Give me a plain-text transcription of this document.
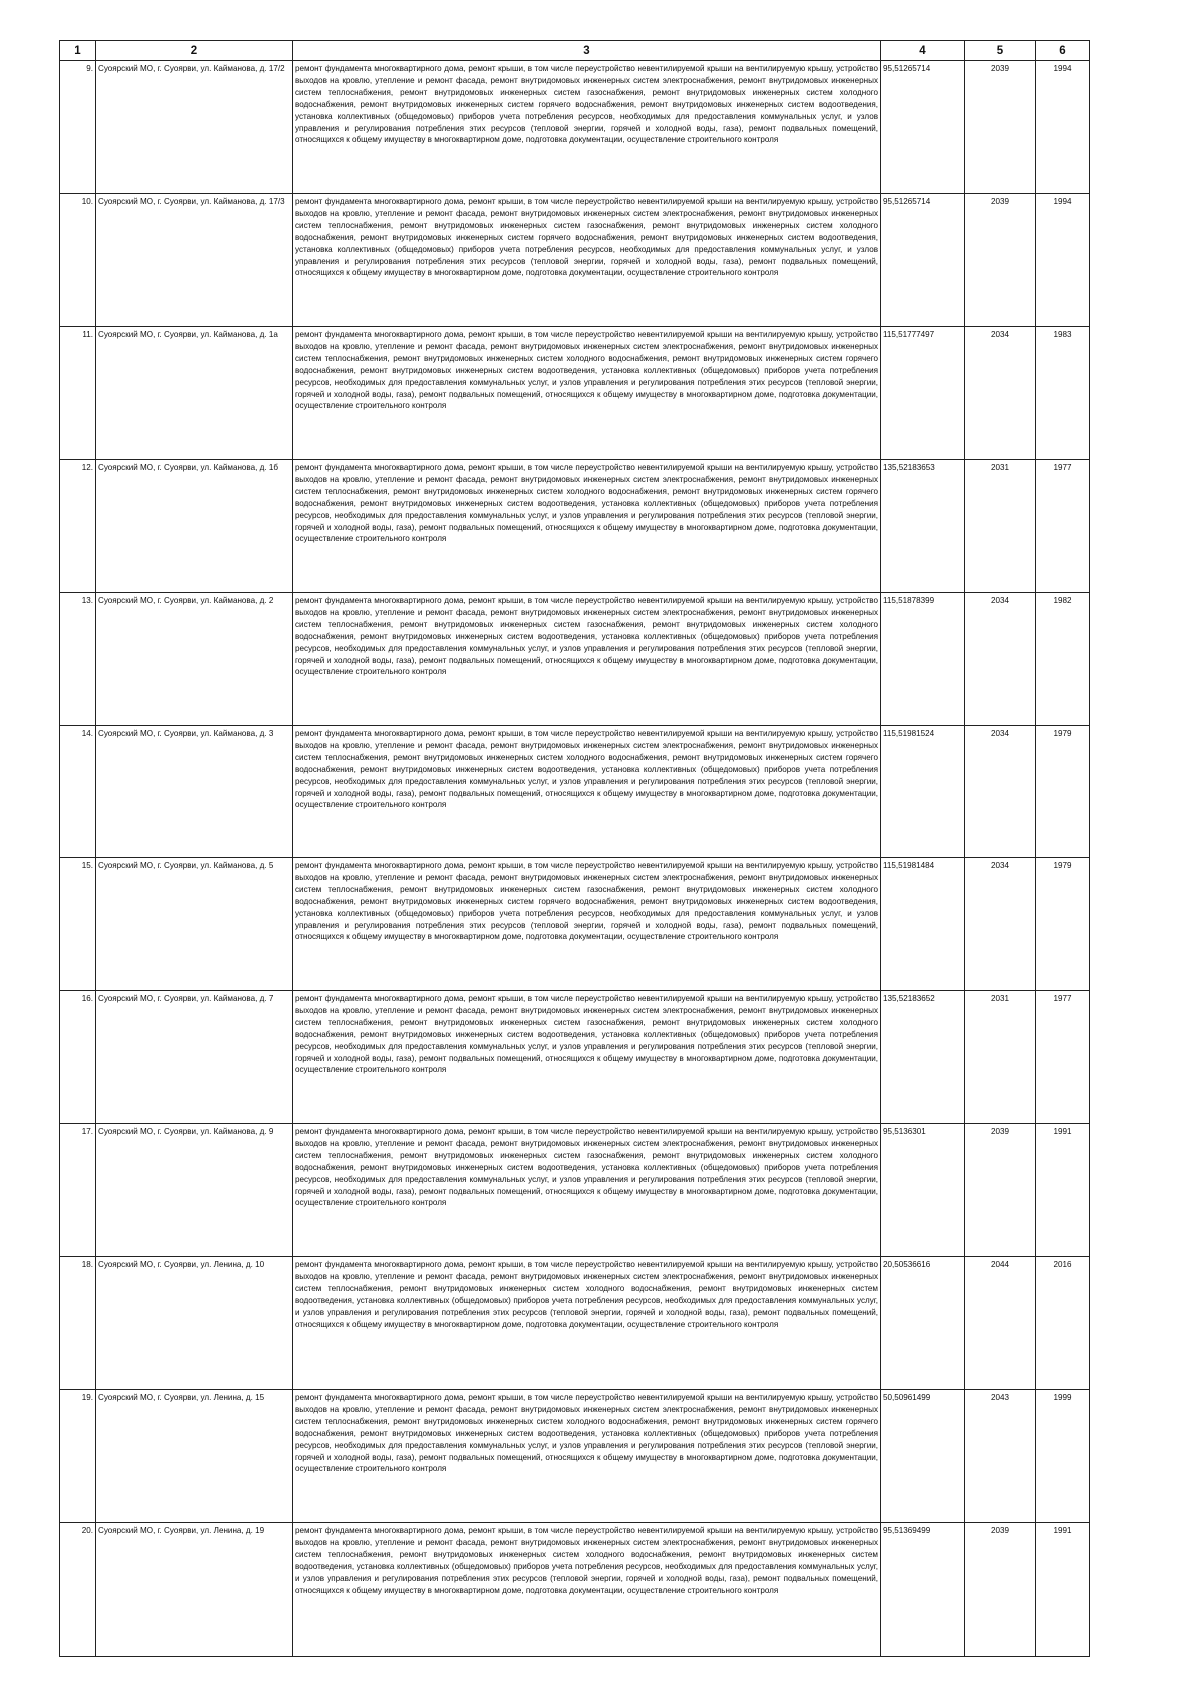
1	2	3	4	5	6
9.	Суоярский МО, г. Суоярви, ул. Кайманова, д. 17/2	ремонт фундамента многоквартирного дома, ремонт крыши, в том числе переустройство невентилируемой крыши на вентилируемую крышу, устройство выходов на кровлю, утепление и ремонт фасада, ремонт внутридомовых инженерных систем электроснабжения, ремонт внутридомовых инженерных систем теплоснабжения, ремонт внутридомовых инженерных систем газоснабжения, ремонт внутридомовых инженерных систем холодного водоснабжения, ремонт внутридомовых инженерных систем горячего водоснабжения, ремонт внутридомовых инженерных систем водоотведения, установка коллективных (общедомовых) приборов учета потребления ресурсов, необходимых для предоставления коммунальных услуг, и узлов управления и регулирования потребления этих ресурсов (тепловой энергии, горячей и холодной воды, газа), ремонт подвальных помещений, относящихся к общему имуществу в многоквартирном доме, подготовка документации, осуществление строительного контроля	95,51265714	2039	1994
10.	Суоярский МО, г. Суоярви, ул. Кайманова, д. 17/3	ремонт фундамента многоквартирного дома, ремонт крыши, в том числе переустройство невентилируемой крыши на вентилируемую крышу, устройство выходов на кровлю, утепление и ремонт фасада, ремонт внутридомовых инженерных систем электроснабжения, ремонт внутридомовых инженерных систем теплоснабжения, ремонт внутридомовых инженерных систем газоснабжения, ремонт внутридомовых инженерных систем холодного водоснабжения, ремонт внутридомовых инженерных систем горячего водоснабжения, ремонт внутридомовых инженерных систем водоотведения, установка коллективных (общедомовых) приборов учета потребления ресурсов, необходимых для предоставления коммунальных услуг, и узлов управления и регулирования потребления этих ресурсов (тепловой энергии, горячей и холодной воды, газа), ремонт подвальных помещений, относящихся к общему имуществу в многоквартирном доме, подготовка документации, осуществление строительного контроля	95,51265714	2039	1994
11.	Суоярский МО, г. Суоярви, ул. Кайманова, д. 1а	ремонт фундамента многоквартирного дома, ремонт крыши, в том числе переустройство невентилируемой крыши на вентилируемую крышу, устройство выходов на кровлю, утепление и ремонт фасада, ремонт внутридомовых инженерных систем электроснабжения, ремонт внутридомовых инженерных систем теплоснабжения, ремонт внутридомовых инженерных систем холодного водоснабжения, ремонт внутридомовых инженерных систем горячего водоснабжения, ремонт внутридомовых инженерных систем водоотведения, установка коллективных (общедомовых) приборов учета потребления ресурсов, необходимых для предоставления коммунальных услуг, и узлов управления и регулирования потребления этих ресурсов (тепловой энергии, горячей и холодной воды, газа), ремонт подвальных помещений, относящихся к общему имуществу в многоквартирном доме, подготовка документации, осуществление строительного контроля	115,51777497	2034	1983
12.	Суоярский МО, г. Суоярви, ул. Кайманова, д. 1б	ремонт фундамента многоквартирного дома, ремонт крыши, в том числе переустройство невентилируемой крыши на вентилируемую крышу, устройство выходов на кровлю, утепление и ремонт фасада, ремонт внутридомовых инженерных систем электроснабжения, ремонт внутридомовых инженерных систем теплоснабжения, ремонт внутридомовых инженерных систем холодного водоснабжения, ремонт внутридомовых инженерных систем горячего водоснабжения, ремонт внутридомовых инженерных систем водоотведения, установка коллективных (общедомовых) приборов учета потребления ресурсов, необходимых для предоставления коммунальных услуг, и узлов управления и регулирования потребления этих ресурсов (тепловой энергии, горячей и холодной воды, газа), ремонт подвальных помещений, относящихся к общему имуществу в многоквартирном доме, подготовка документации, осуществление строительного контроля	135,52183653	2031	1977
13.	Суоярский МО, г. Суоярви, ул. Кайманова, д. 2	ремонт фундамента многоквартирного дома, ремонт крыши, в том числе переустройство невентилируемой крыши на вентилируемую крышу, устройство выходов на кровлю, утепление и ремонт фасада, ремонт внутридомовых инженерных систем электроснабжения, ремонт внутридомовых инженерных систем теплоснабжения, ремонт внутридомовых инженерных систем газоснабжения, ремонт внутридомовых инженерных систем холодного водоснабжения, ремонт внутридомовых инженерных систем водоотведения, установка коллективных (общедомовых) приборов учета потребления ресурсов, необходимых для предоставления коммунальных услуг, и узлов управления и регулирования потребления этих ресурсов (тепловой энергии, горячей и холодной воды, газа), ремонт подвальных помещений, относящихся к общему имуществу в многоквартирном доме, подготовка документации, осуществление строительного контроля	115,51878399	2034	1982
14.	Суоярский МО, г. Суоярви, ул. Кайманова, д. 3	ремонт фундамента многоквартирного дома, ремонт крыши, в том числе переустройство невентилируемой крыши на вентилируемую крышу, устройство выходов на кровлю, утепление и ремонт фасада, ремонт внутридомовых инженерных систем электроснабжения, ремонт внутридомовых инженерных систем теплоснабжения, ремонт внутридомовых инженерных систем холодного водоснабжения, ремонт внутридомовых инженерных систем горячего водоснабжения, ремонт внутридомовых инженерных систем водоотведения, установка коллективных (общедомовых) приборов учета потребления ресурсов, необходимых для предоставления коммунальных услуг, и узлов управления и регулирования потребления этих ресурсов (тепловой энергии, горячей и холодной воды, газа), ремонт подвальных помещений, относящихся к общему имуществу в многоквартирном доме, подготовка документации, осуществление строительного контроля	115,51981524	2034	1979
15.	Суоярский МО, г. Суоярви, ул. Кайманова, д. 5	ремонт фундамента многоквартирного дома, ремонт крыши, в том числе переустройство невентилируемой крыши на вентилируемую крышу, устройство выходов на кровлю, утепление и ремонт фасада, ремонт внутридомовых инженерных систем электроснабжения, ремонт внутридомовых инженерных систем теплоснабжения, ремонт внутридомовых инженерных систем газоснабжения, ремонт внутридомовых инженерных систем холодного водоснабжения, ремонт внутридомовых инженерных систем горячего водоснабжения, ремонт внутридомовых инженерных систем водоотведения, установка коллективных (общедомовых) приборов учета потребления ресурсов, необходимых для предоставления коммунальных услуг, и узлов управления и регулирования потребления этих ресурсов (тепловой энергии, горячей и холодной воды, газа), ремонт подвальных помещений, относящихся к общему имуществу в многоквартирном доме, подготовка документации, осуществление строительного контроля	115,51981484	2034	1979
16.	Суоярский МО, г. Суоярви, ул. Кайманова, д. 7	ремонт фундамента многоквартирного дома, ремонт крыши, в том числе переустройство невентилируемой крыши на вентилируемую крышу, устройство выходов на кровлю, утепление и ремонт фасада, ремонт внутридомовых инженерных систем электроснабжения, ремонт внутридомовых инженерных систем теплоснабжения, ремонт внутридомовых инженерных систем газоснабжения, ремонт внутридомовых инженерных систем холодного водоснабжения, ремонт внутридомовых инженерных систем водоотведения, установка коллективных (общедомовых) приборов учета потребления ресурсов, необходимых для предоставления коммунальных услуг, и узлов управления и регулирования потребления этих ресурсов (тепловой энергии, горячей и холодной воды, газа), ремонт подвальных помещений, относящихся к общему имуществу в многоквартирном доме, подготовка документации, осуществление строительного контроля	135,52183652	2031	1977
17.	Суоярский МО, г. Суоярви, ул. Кайманова, д. 9	ремонт фундамента многоквартирного дома, ремонт крыши, в том числе переустройство невентилируемой крыши на вентилируемую крышу, устройство выходов на кровлю, утепление и ремонт фасада, ремонт внутридомовых инженерных систем электроснабжения, ремонт внутридомовых инженерных систем теплоснабжения, ремонт внутридомовых инженерных систем газоснабжения, ремонт внутридомовых инженерных систем холодного водоснабжения, ремонт внутридомовых инженерных систем водоотведения, установка коллективных (общедомовых) приборов учета потребления ресурсов, необходимых для предоставления коммунальных услуг, и узлов управления и регулирования потребления этих ресурсов (тепловой энергии, горячей и холодной воды, газа), ремонт подвальных помещений, относящихся к общему имуществу в многоквартирном доме, подготовка документации, осуществление строительного контроля	95,5136301	2039	1991
18.	Суоярский МО, г. Суоярви, ул. Ленина, д. 10	ремонт фундамента многоквартирного дома, ремонт крыши, в том числе переустройство невентилируемой крыши на вентилируемую крышу, устройство выходов на кровлю, утепление и ремонт фасада, ремонт внутридомовых инженерных систем электроснабжения, ремонт внутридомовых инженерных систем теплоснабжения, ремонт внутридомовых инженерных систем холодного водоснабжения, ремонт внутридомовых инженерных систем водоотведения, установка коллективных (общедомовых) приборов учета потребления ресурсов, необходимых для предоставления коммунальных услуг, и узлов управления и регулирования потребления этих ресурсов (тепловой энергии, горячей и холодной воды, газа), ремонт подвальных помещений, относящихся к общему имуществу в многоквартирном доме, подготовка документации, осуществление строительного контроля	20,50536616	2044	2016
19.	Суоярский МО, г. Суоярви, ул. Ленина, д. 15	ремонт фундамента многоквартирного дома, ремонт крыши, в том числе переустройство невентилируемой крыши на вентилируемую крышу, устройство выходов на кровлю, утепление и ремонт фасада, ремонт внутридомовых инженерных систем электроснабжения, ремонт внутридомовых инженерных систем теплоснабжения, ремонт внутридомовых инженерных систем холодного водоснабжения, ремонт внутридомовых инженерных систем горячего водоснабжения, ремонт внутридомовых инженерных систем водоотведения, установка коллективных (общедомовых) приборов учета потребления ресурсов, необходимых для предоставления коммунальных услуг, и узлов управления и регулирования потребления этих ресурсов (тепловой энергии, горячей и холодной воды, газа), ремонт подвальных помещений, относящихся к общему имуществу в многоквартирном доме, подготовка документации, осуществление строительного контроля	50,50961499	2043	1999
20.	Суоярский МО, г. Суоярви, ул. Ленина, д. 19	ремонт фундамента многоквартирного дома, ремонт крыши, в том числе переустройство невентилируемой крыши на вентилируемую крышу, устройство выходов на кровлю, утепление и ремонт фасада, ремонт внутридомовых инженерных систем электроснабжения, ремонт внутридомовых инженерных систем теплоснабжения, ремонт внутридомовых инженерных систем холодного водоснабжения, ремонт внутридомовых инженерных систем водоотведения, установка коллективных (общедомовых) приборов учета потребления ресурсов, необходимых для предоставления коммунальных услуг, и узлов управления и регулирования потребления этих ресурсов (тепловой энергии, горячей и холодной воды, газа), ремонт подвальных помещений, относящихся к общему имуществу в многоквартирном доме, подготовка документации, осуществление строительного контроля	95,51369499	2039	1991
